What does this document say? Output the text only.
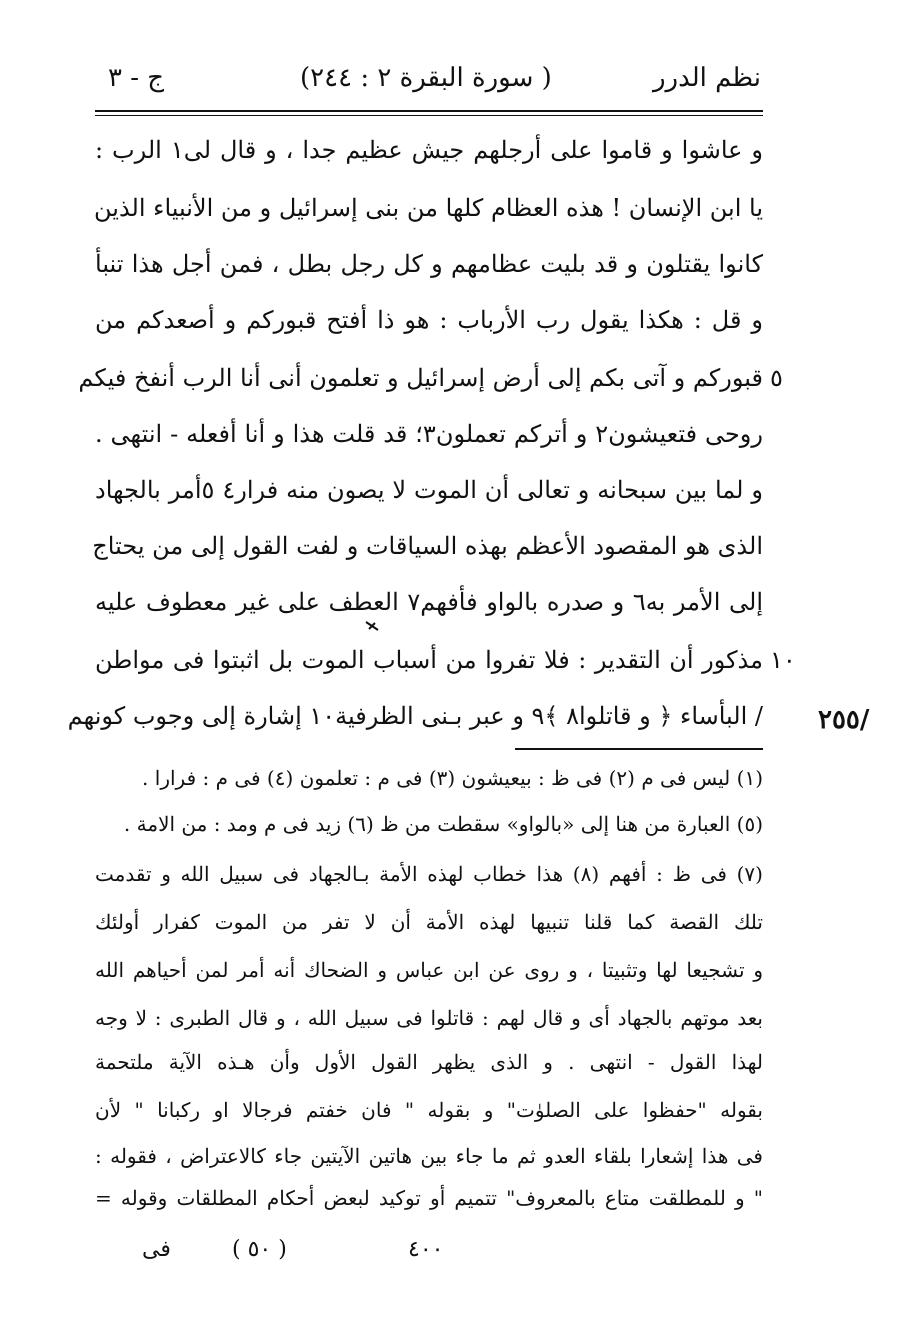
نظم الدرر
( سورة البقرة ٢ : ٢٤٤)
ج - ٣
و عاشوا و قاموا على أرجلهم جيش عظيم جدا ، و قال لى١ الرب :
يا ابن الإنسان ! هذه العظام كلها من بنى إسرائيل و من الأنبياء الذين
كانوا يقتلون و قد بليت عظامهم و كل رجل بطل ، فمن أجل هذا تنبأ
و قل : هكذا يقول رب الأرباب : هو ذا أفتح قبوركم و أصعدكم من
قبوركم و آتى بكم إلى أرض إسرائيل و تعلمون أنى أنا الرب أنفخ فيكم
روحى فتعيشون٢ و أتركم تعملون٣؛ قد قلت هذا و أنا أفعله - انتهى .
و لما بين سبحانه و تعالى أن الموت لا يصون منه فرار٤ ٥أمر بالجهاد
الذى هو المقصود الأعظم بهذه السياقات و لفت القول إلى من يحتاج
إلى الأمر به٦ و صدره بالواو فأفهم٧ العطف على غير معطوف عليه
مذكور أن التقدير : فلا تفروا من أسباب الموت بل اثبتوا فى مواطن
/ البأساء ﴿ و قاتلوا٨ ﴾٩ و عبر بـنى الظرفية١٠ إشارة إلى وجوب كونهم
٥
١٠
/٢٥٥
(١) ليس فى م (٢) فى ظ : بيعيشون (٣) فى م : تعلمون (٤) فى م : فرارا .
(٥) العبارة من هنا إلى «بالواو» سقطت من ظ (٦) زيد فى م ومد : من الامة .
(٧) فى ظ : أفهم (٨) هذا خطاب لهذه الأمة بـالجهاد فى سبيل الله و تقدمت
تلك القصة كما قلنا تنبيها لهذه الأمة أن لا تفر من الموت كفرار أولئك
و تشجيعا لها وتثبيتا ، و روى عن ابن عباس و الضحاك أنه أمر لمن أحياهم الله
بعد موتهم بالجهاد أى و قال لهم : قاتلوا فى سبيل الله ، و قال الطبرى : لا وجه
لهذا القول - انتهى . و الذى يظهر القول الأول وأن هـذه الآية ملتحمة
بقوله "حفظوا على الصلوٰت" و بقوله " فان خفتم فرجالا او ركبانا " لأن
فى هذا إشعارا بلقاء العدو ثم ما جاء بين هاتين الآيتين جاء كالاعتراض ، فقوله :
" و للمطلقت متاع بالمعروف" تتميم أو توكيد لبعض أحكام المطلقات وقوله =
٤٠٠
( ٥٠ )
فى
